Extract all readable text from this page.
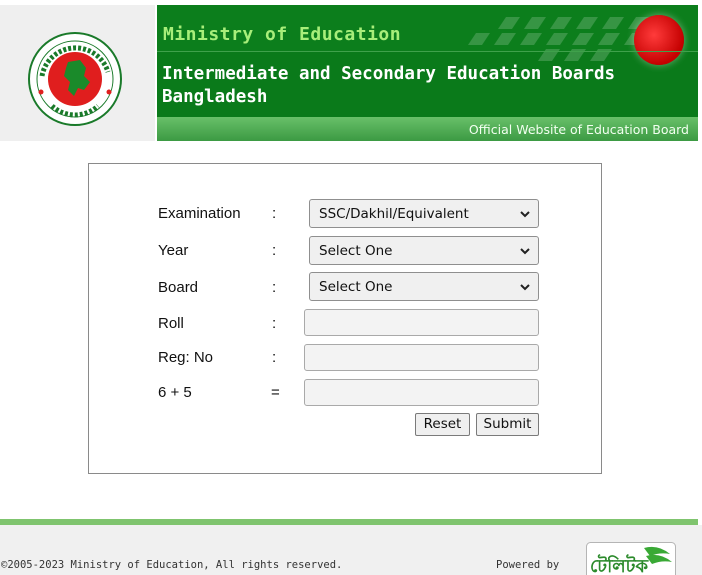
Ministry of Education
Intermediate and Secondary Education Boards Bangladesh
Official Website of Education Board
Examination :	SSC/Dakhil/Equivalent
Year	:	Select One
Board	:	Select One
Roll	:
Reg: No	:
6 + 5	=
Reset	Submit
©2005-2023 Ministry of Education, All rights reserved.	Powered by টেলিটক
